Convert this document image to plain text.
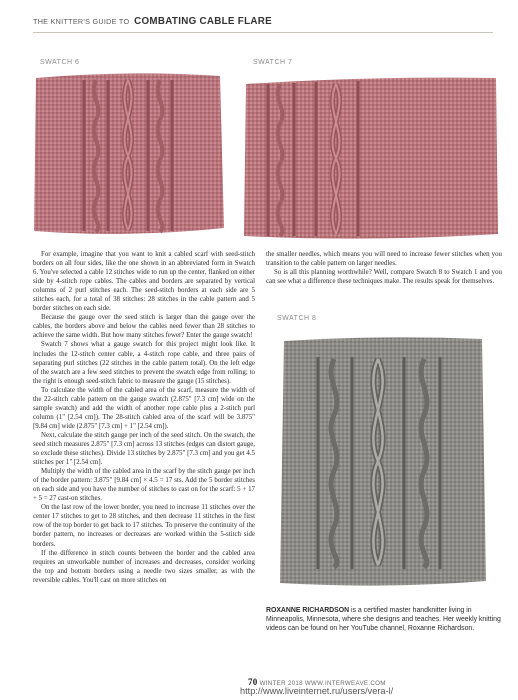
THE KNITTER'S GUIDE TO COMBATING CABLE FLARE
SWATCH 6	SWATCH 7
SWATCH 8

For example, imagine that you want to knit a cabled scarf with seed-stitch borders on all four sides, like the one shown in an abbreviated form in Swatch 6. You've selected a cable 12 stitches wide to run up the center, flanked on either side by 4-stitch rope cables. The cables and borders are separated by vertical columns of 2 purl stitches each. The seed-stitch borders at each side are 5 stitches each, for a total of 38 stitches: 28 stitches in the cable pattern and 5 border stitches on each side.

Because the gauge over the seed stitch is larger than the gauge over the cables, the borders above and below the cables need fewer than 28 stitches to achieve the same width. But how many stitches fewer? Enter the gauge swatch!

Swatch 7 shows what a gauge swatch for this project might look like. It includes the 12-stitch center cable, a 4-stitch rope cable, and three pairs of separating purl stitches (22 stitches in the cable pattern total). On the left edge of the swatch are a few seed stitches to prevent the swatch edge from rolling; to the right is enough seed-stitch fabric to measure the gauge (15 stitches).

To calculate the width of the cabled area of the scarf, measure the width of the 22-stitch cable pattern on the gauge swatch (2.875" [7.3 cm] wide on the sample swatch) and add the width of another rope cable plus a 2-stitch purl column (1" [2.54 cm]). The 28-stitch cabled area of the scarf will be 3.875" [9.84 cm] wide (2.875" [7.3 cm] + 1" [2.54 cm]).

Next, calculate the stitch gauge per inch of the seed stitch. On the swatch, the seed stitch measures 2.875" [7.3 cm] across 13 stitches (edges can distort gauge, so exclude these stitches). Divide 13 stitches by 2.875" [7.3 cm] and you get 4.5 stitches per 1" [2.54 cm].

Multiply the width of the cabled area in the scarf by the stitch gauge per inch of the border pattern: 3.875" [9.84 cm] × 4.5 = 17 sts. Add the 5 border stitches on each side and you have the number of stitches to cast on for the scarf: 5 + 17 + 5 = 27 cast-on stitches.

On the last row of the lower border, you need to increase 11 stitches over the center 17 stitches to get to 28 stitches, and then decrease 11 stitches in the first row of the top border to get back to 17 stitches. To preserve the continuity of the border pattern, no increases or decreases are worked within the 5-stitch side borders.

If the difference in stitch counts between the border and the cabled area requires an unworkable number of increases and decreases, consider working the top and bottom borders using a needle two sizes smaller, as with the reversible cables. You'll cast on more stitches on

the smaller needles, which means you will need to increase fewer stitches when you transition to the cable pattern on larger needles.

So is all this planning worthwhile? Well, compare Swatch 8 to Swatch 1 and you can see what a difference these techniques make. The results speak for themselves.

ROXANNE RICHARDSON is a certified master handknitter living in Minneapolis, Minnesota, where she designs and teaches. Her weekly knitting videos can be found on her YouTube channel, Roxanne Richardson.
70 WINTER 2018 WWW.INTERWEAVE.COM
http://www.liveinternet.ru/users/vera-l/
